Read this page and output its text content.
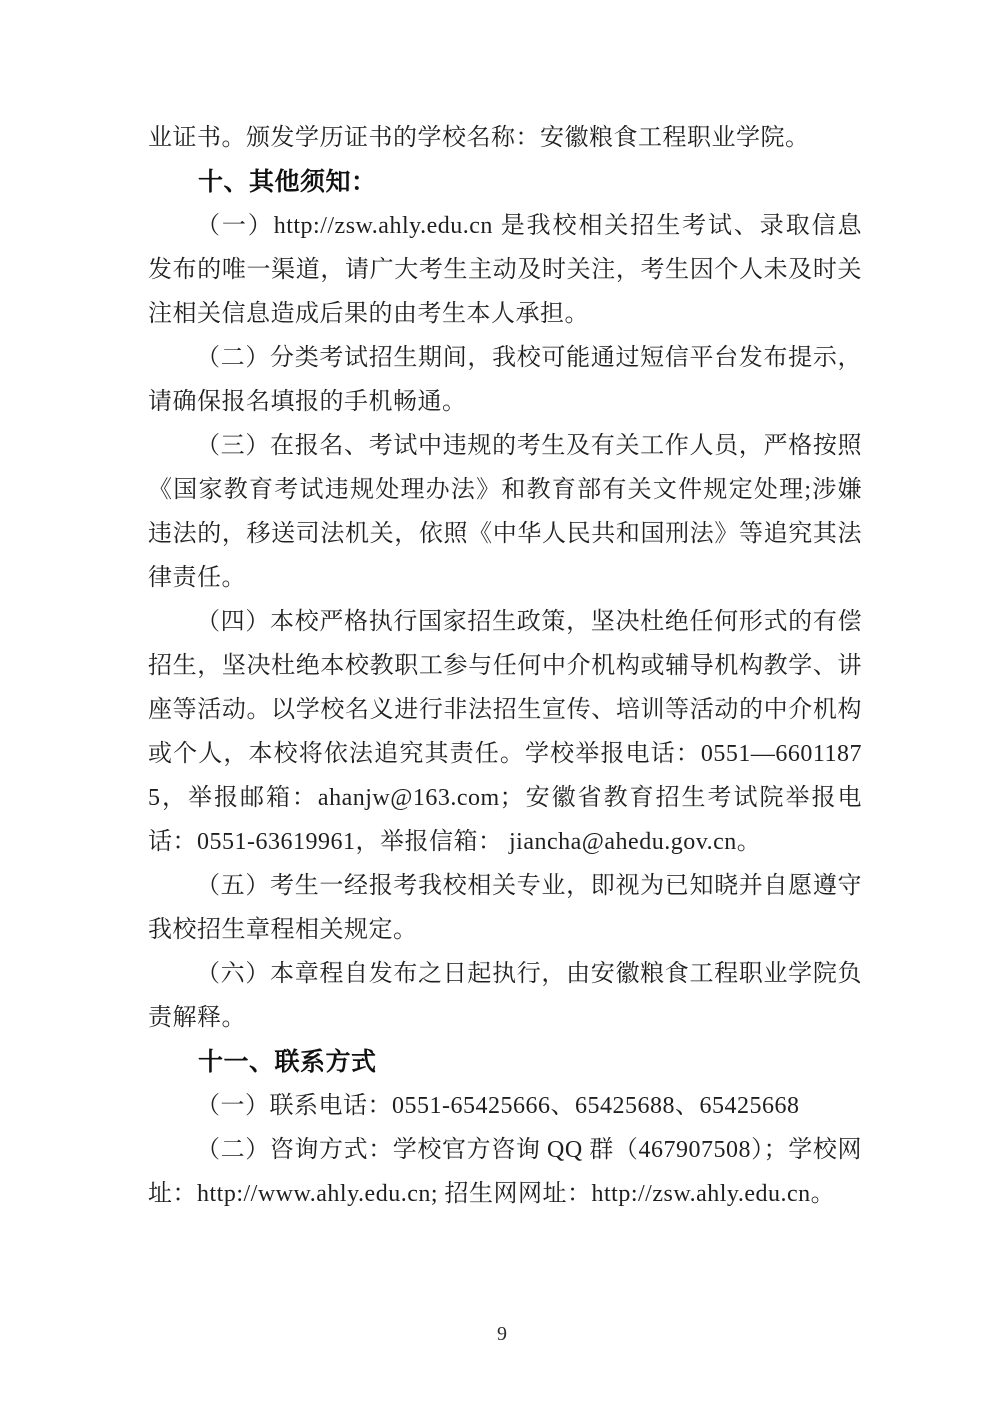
业证书。颁发学历证书的学校名称：安徽粮食工程职业学院。

十、其他须知：

（一）http://zsw.ahly.edu.cn 是我校相关招生考试、录取信息发布的唯一渠道，请广大考生主动及时关注，考生因个人未及时关注相关信息造成后果的由考生本人承担。

（二）分类考试招生期间，我校可能通过短信平台发布提示，请确保报名填报的手机畅通。

（三）在报名、考试中违规的考生及有关工作人员，严格按照《国家教育考试违规处理办法》和教育部有关文件规定处理;涉嫌违法的，移送司法机关，依照《中华人民共和国刑法》等追究其法律责任。

（四）本校严格执行国家招生政策，坚决杜绝任何形式的有偿招生，坚决杜绝本校教职工参与任何中介机构或辅导机构教学、讲座等活动。以学校名义进行非法招生宣传、培训等活动的中介机构或个人，本校将依法追究其责任。学校举报电话：0551—66011875，举报邮箱：ahanjw@163.com；安徽省教育招生考试院举报电话：0551-63619961，举报信箱： jiancha@ahedu.gov.cn。

（五）考生一经报考我校相关专业，即视为已知晓并自愿遵守我校招生章程相关规定。

（六）本章程自发布之日起执行，由安徽粮食工程职业学院负责解释。

十一、联系方式

（一）联系电话：0551-65425666、65425688、65425668

（二）咨询方式：学校官方咨询 QQ 群（467907508）；学校网址：http://www.ahly.edu.cn; 招生网网址：http://zsw.ahly.edu.cn。

9
